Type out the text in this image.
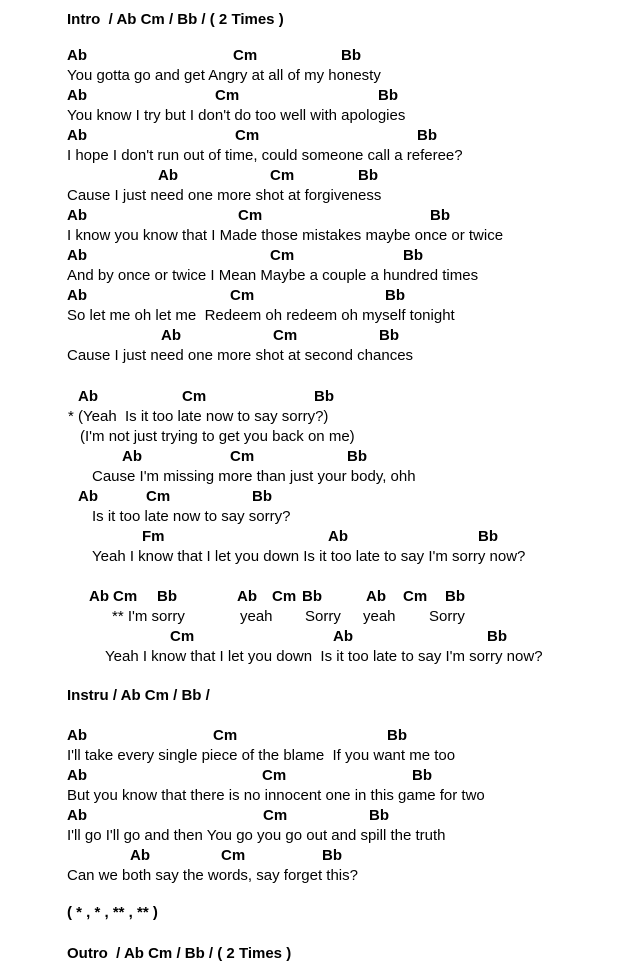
Intro  / Ab Cm / Bb / ( 2 Times )
Ab	Cm	Bb
You gotta go and get Angry at all of my honesty
Ab	Cm	Bb
You know I try but I don't do too well with apologies
Ab	Cm	Bb
I hope I don't run out of time, could someone call a referee?
Ab	Cm	Bb
Cause I just need one more shot at forgiveness
Ab	Cm	Bb
I know you know that I Made those mistakes maybe once or twice
Ab	Cm	Bb
And by once or twice I Mean Maybe a couple a hundred times
Ab	Cm	Bb
So let me oh let me  Redeem oh redeem oh myself tonight
Ab	Cm	Bb
Cause I just need one more shot at second chances
Ab	Cm	Bb
* (Yeah  Is it too late now to say sorry?)
(I'm not just trying to get you back on me)
Ab	Cm	Bb
Cause I'm missing more than just your body, ohh
Ab	Cm	Bb
Is it too late now to say sorry?
Fm	Ab	Bb
Yeah I know that I let you down Is it too late to say I'm sorry now?
Ab Cm Bb	Ab Cm Bb	Ab Cm Bb
** I'm sorry	yeah Sorry yeah Sorry
Cm	Ab	Bb
Yeah I know that I let you down  Is it too late to say I'm sorry now?
Instru / Ab Cm / Bb /
Ab	Cm	Bb
I'll take every single piece of the blame  If you want me too
Ab	Cm	Bb
But you know that there is no innocent one in this game for two
Ab	Cm	Bb
I'll go I'll go and then You go you go out and spill the truth
Ab	Cm	Bb
Can we both say the words, say forget this?
( * , * , ** , ** )
Outro  / Ab Cm / Bb / ( 2 Times )
